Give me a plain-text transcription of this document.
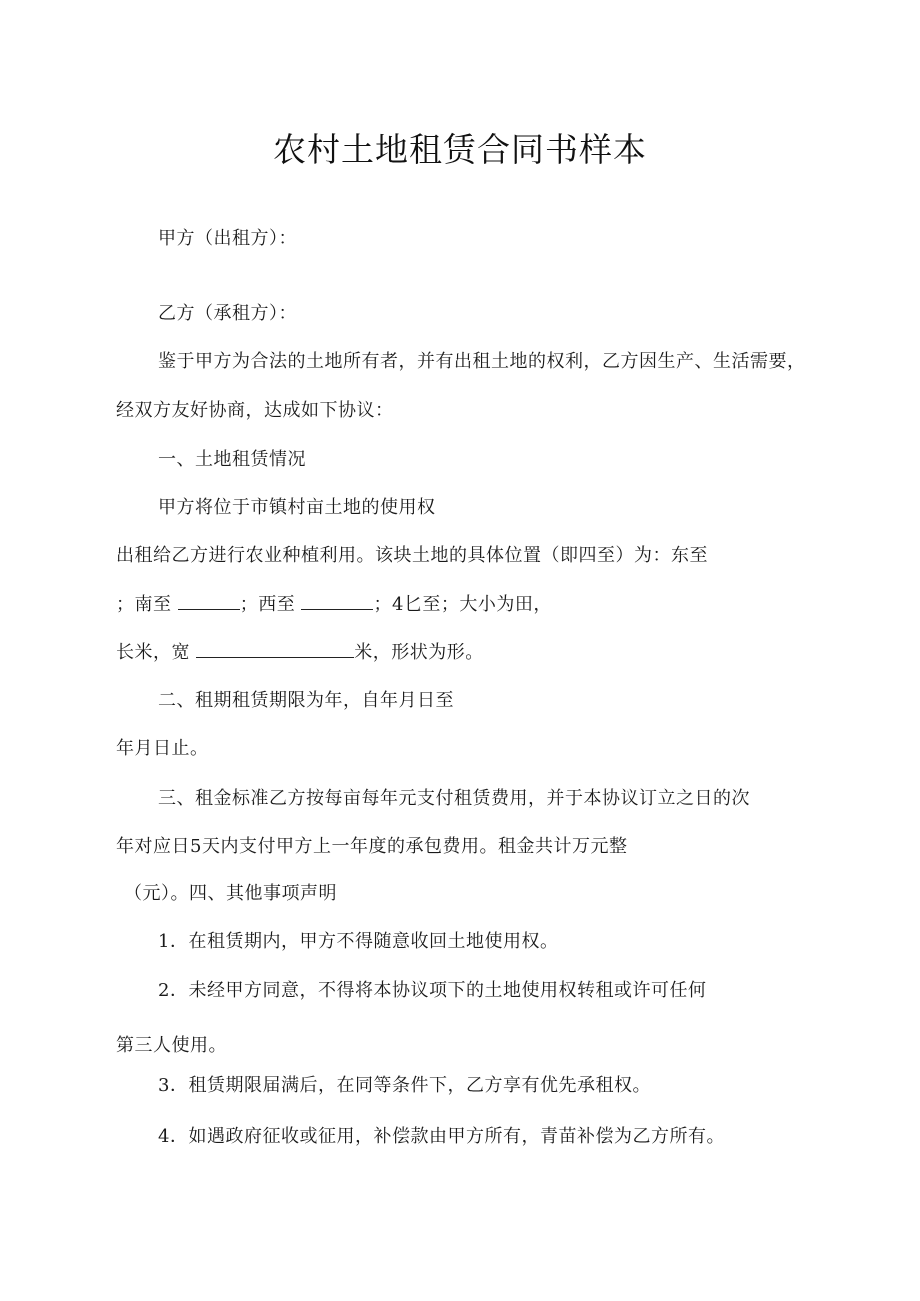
农村土地租赁合同书样本
甲方（出租方）：
乙方（承租方）：
鉴于甲方为合法的土地所有者，并有出租土地的权利，乙方因生产、生活需要，
经双方友好协商，达成如下协议：
一、土地租赁情况
甲方将位于市镇村亩土地的使用权
出租给乙方进行农业种植利用。该块土地的具体位置（即四至）为：东至
；南至	；西至	；4匕至；大小为田，
长米，宽	米，形状为形。
二、租期租赁期限为年，自年月日至
年月日止。
三、租金标准乙方按每亩每年元支付租赁费用，并于本协议订立之日的次
年对应日5天内支付甲方上一年度的承包费用。租金共计万元整
（元）。四、其他事项声明
1．在租赁期内，甲方不得随意收回土地使用权。
2．未经甲方同意，不得将本协议项下的土地使用权转租或许可任何
第三人使用。
3．租赁期限届满后，在同等条件下，乙方享有优先承租权。
4．如遇政府征收或征用，补偿款由甲方所有，青苗补偿为乙方所有。
